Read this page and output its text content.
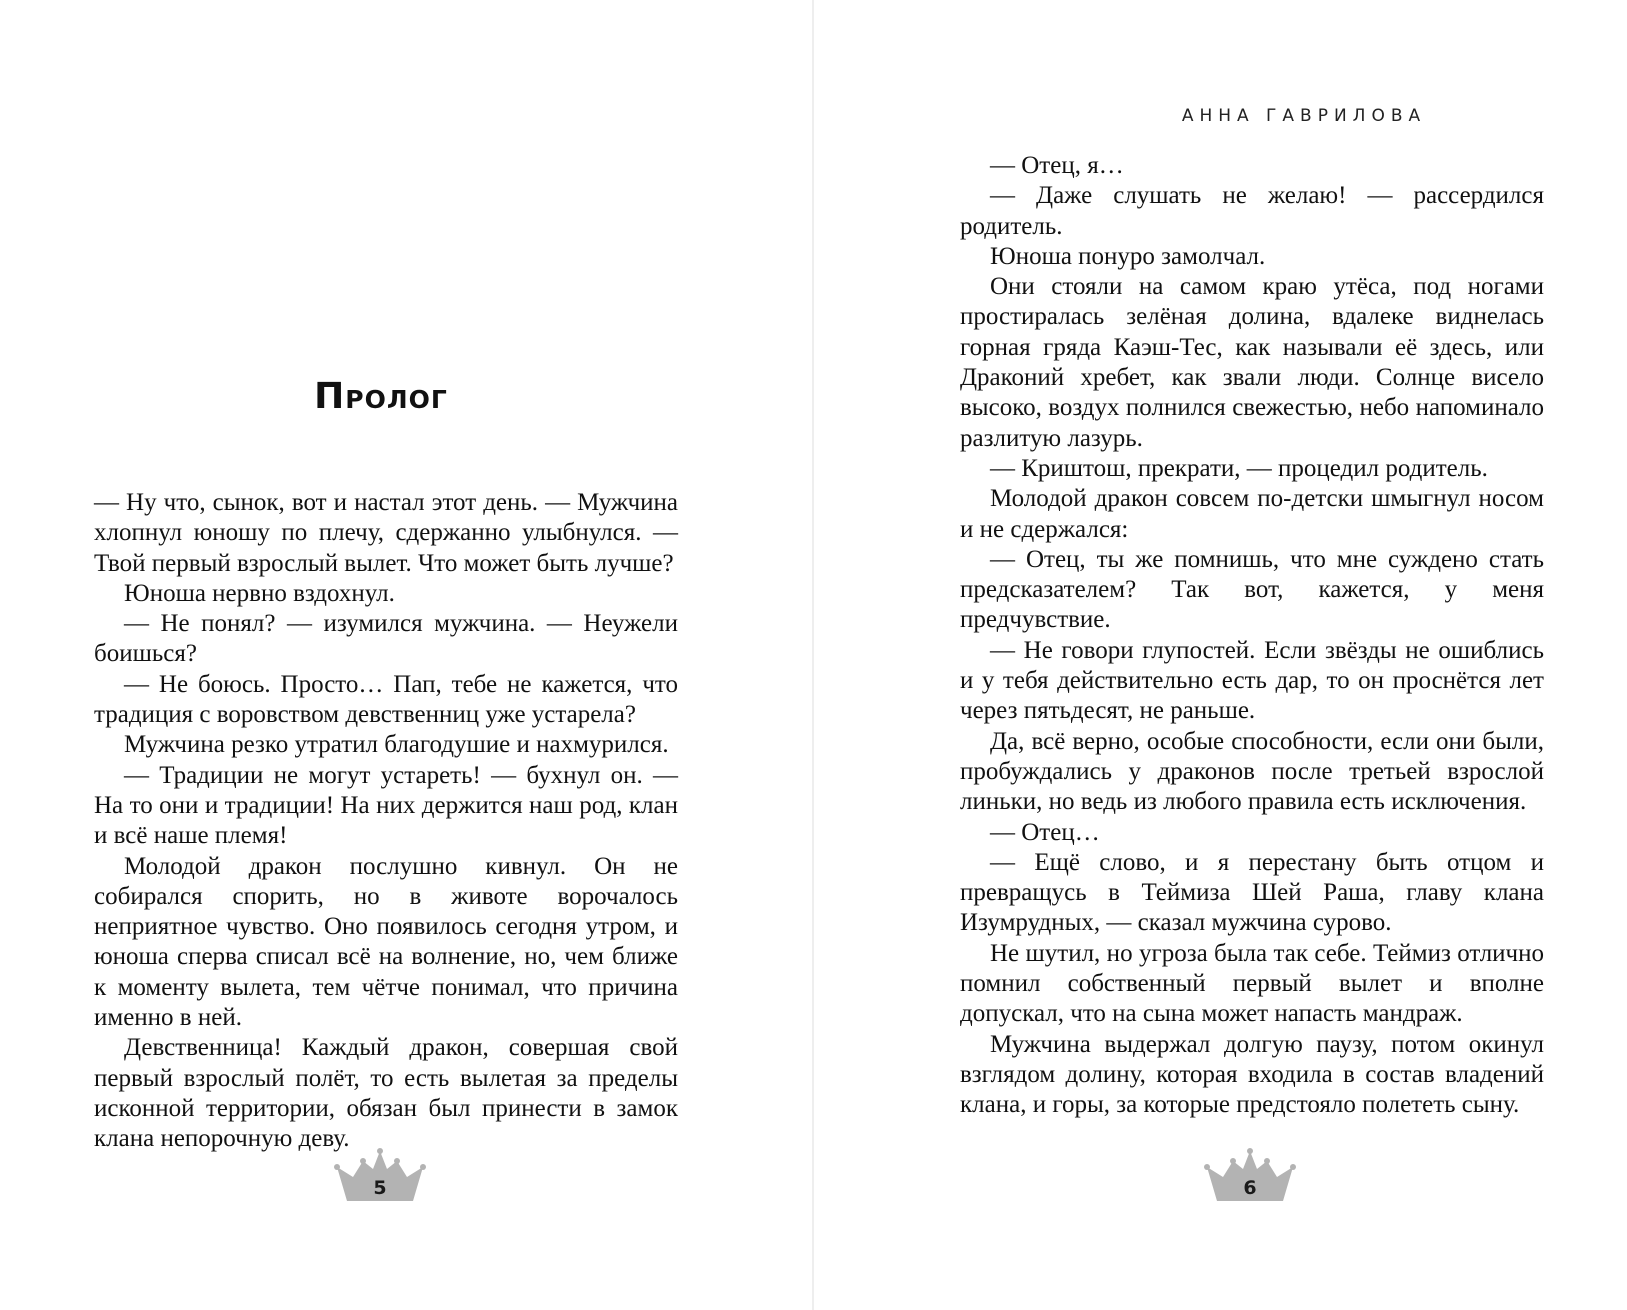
Пролог

— Ну что, сынок, вот и настал этот день. — Мужчина хлопнул юношу по плечу, сдержанно улыбнулся. — Твой первый взрослый вылет. Что может быть лучше?

Юноша нервно вздохнул.

— Не понял? — изумился мужчина. — Неужели боишься?

— Не боюсь. Просто… Пап, тебе не кажется, что традиция с воровством девственниц уже устарела?

Мужчина резко утратил благодушие и нахмурился.

— Традиции не могут устареть! — бухнул он. — На то они и традиции! На них держится наш род, клан и всё наше племя!

Молодой дракон послушно кивнул. Он не собирался спорить, но в животе ворочалось неприятное чувство. Оно появилось сегодня утром, и юноша сперва списал всё на волнение, но, чем ближе к моменту вылета, тем чётче понимал, что причина именно в ней.

Девственница! Каждый дракон, совершая свой первый взрослый полёт, то есть вылетая за пределы исконной территории, обязан был принести в замок клана непорочную деву.

5
АННА ГАВРИЛОВА

— Отец, я…

— Даже слушать не желаю! — рассердился родитель.

Юноша понуро замолчал.

Они стояли на самом краю утёса, под ногами простиралась зелёная долина, вдалеке виднелась горная гряда Каэш-Тес, как называли её здесь, или Драконий хребет, как звали люди. Солнце висело высоко, воздух полнился свежестью, небо напоминало разлитую лазурь.

— Криштош, прекрати, — процедил родитель.

Молодой дракон совсем по-детски шмыгнул носом и не сдержался:

— Отец, ты же помнишь, что мне суждено стать предсказателем? Так вот, кажется, у меня предчувствие.

— Не говори глупостей. Если звёзды не ошиблись и у тебя действительно есть дар, то он проснётся лет через пятьдесят, не раньше.

Да, всё верно, особые способности, если они были, пробуждались у драконов после третьей взрослой линьки, но ведь из любого правила есть исключения.

— Отец…

— Ещё слово, и я перестану быть отцом и превращусь в Теймиза Шей Раша, главу клана Изумрудных, — сказал мужчина сурово.

Не шутил, но угроза была так себе. Теймиз отлично помнил собственный первый вылет и вполне допускал, что на сына может напасть мандраж.

Мужчина выдержал долгую паузу, потом окинул взглядом долину, которая входила в состав владений клана, и горы, за которые предстояло полететь сыну.

6
